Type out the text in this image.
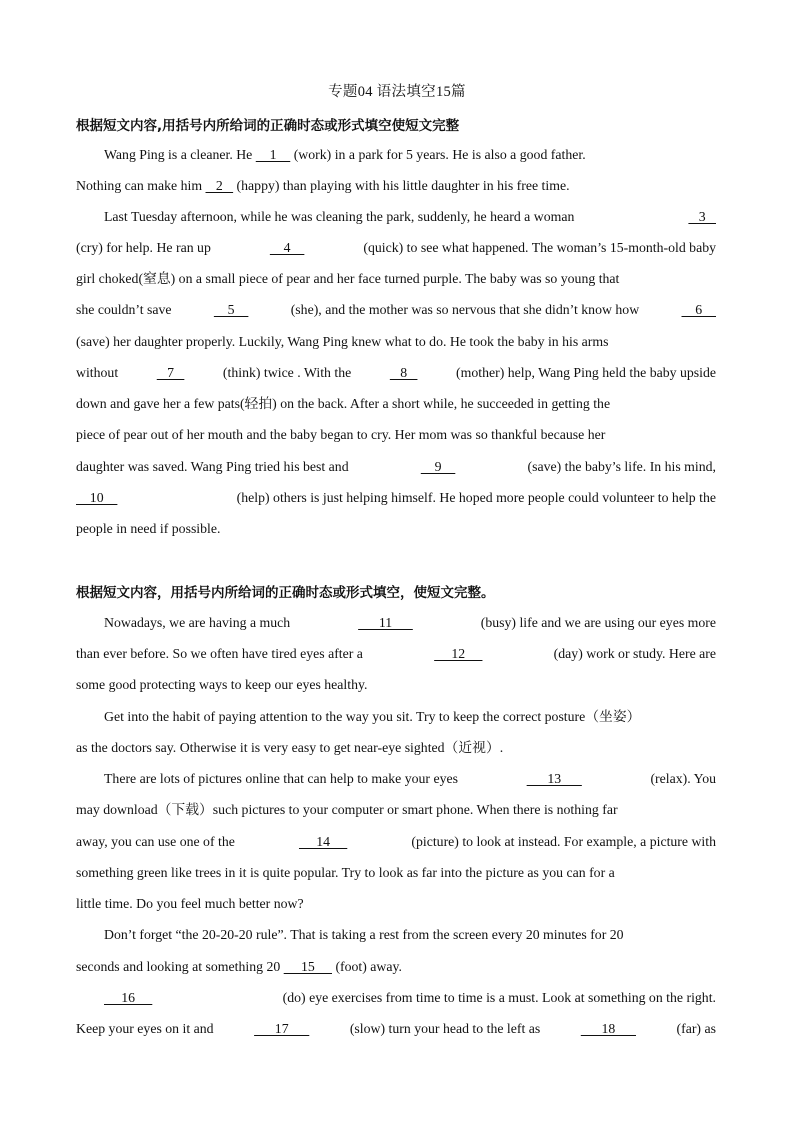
专题04 语法填空15篇
根据短文内容,用括号内所给词的正确时态或形式填空使短文完整
Wang Ping is a cleaner. He     1     (work) in a park for 5 years. He is also a good father.
Nothing can make him    2    (happy) than playing with his little daughter in his free time.
Last Tuesday afternoon, while he was cleaning the park, suddenly, he heard a woman	3
(cry) for help. He ran up	4	(quick) to see what happened. The woman’s 15-month-old baby
girl choked(窒息) on a small piece of pear and her face turned purple. The baby was so young that
she couldn’t save	5	(she), and the mother was so nervous that she didn’t know how	6
(save) her daughter properly. Luckily, Wang Ping knew what to do. He took the baby in his arms
without	7	(think) twice . With the	8	(mother) help, Wang Ping held the baby upside
down and gave her a few pats(轻拍) on the back. After a short while, he succeeded in getting the
piece of pear out of her mouth and the baby began to cry. Her mom was so thankful because her
daughter was saved. Wang Ping tried his best and	9	(save) the baby’s life. In his mind,
10	(help) others is just helping himself. He hoped more people could volunteer to help the
people in need if possible.
根据短文内容，用括号内所给词的正确时态或形式填空，使短文完整。
Nowadays, we are having a much	11	(busy) life and we are using our eyes more
than ever before. So we often have tired eyes after a	12	(day) work or study. Here are
some good protecting ways to keep our eyes healthy.
Get into the habit of paying attention to the way you sit. Try to keep the correct posture（坐姿）
as the doctors say. Otherwise it is very easy to get near-eye sighted（近视）.
There are lots of pictures online that can help to make your eyes	13	(relax). You
may download（下载）such pictures to your computer or smart phone. When there is nothing far
away, you can use one of the	14	(picture) to look at instead. For example, a picture with
something green like trees in it is quite popular. Try to look as far into the picture as you can for a
little time. Do you feel much better now?
Don’t forget “the 20-20-20 rule”. That is taking a rest from the screen every 20 minutes for 20
seconds and looking at something 20      15      (foot) away.
16	(do) eye exercises from time to time is a must. Look at something on the right.
Keep your eyes on it and	17	(slow) turn your head to the left as	18	(far) as
